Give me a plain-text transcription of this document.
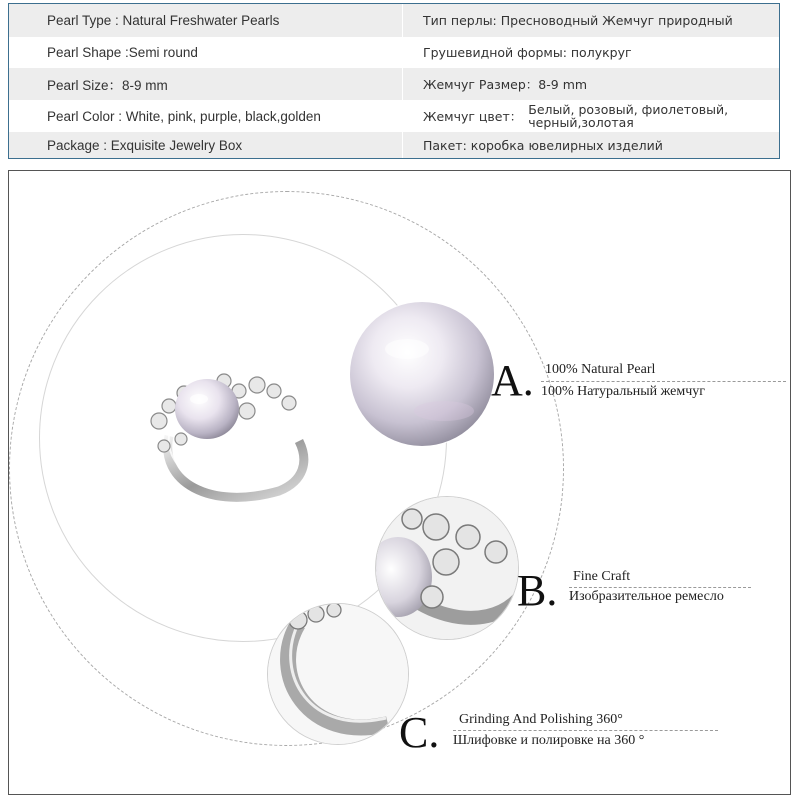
Pearl Type : Natural Freshwater Pearls	Тип перлы: Пресноводный Жемчуг природный
Pearl Shape :Semi round	Грушевидной формы: полукруг
Pearl Size：8-9 mm	Жемчуг Размер：8-9 mm
Pearl Color : White, pink, purple, black,golden	Жемчуг цвет： Белый, розовый, фиолетовый,
черный,золотая
Package : Exquisite Jewelry Box	Пакет: коробка ювелирных изделий
A. 100% Natural Pearl
100% Натуральный жемчуг
B. Fine Craft
Изобразительное ремесло
C. Grinding And Polishing 360°
Шлифовке и полировке на 360 °
